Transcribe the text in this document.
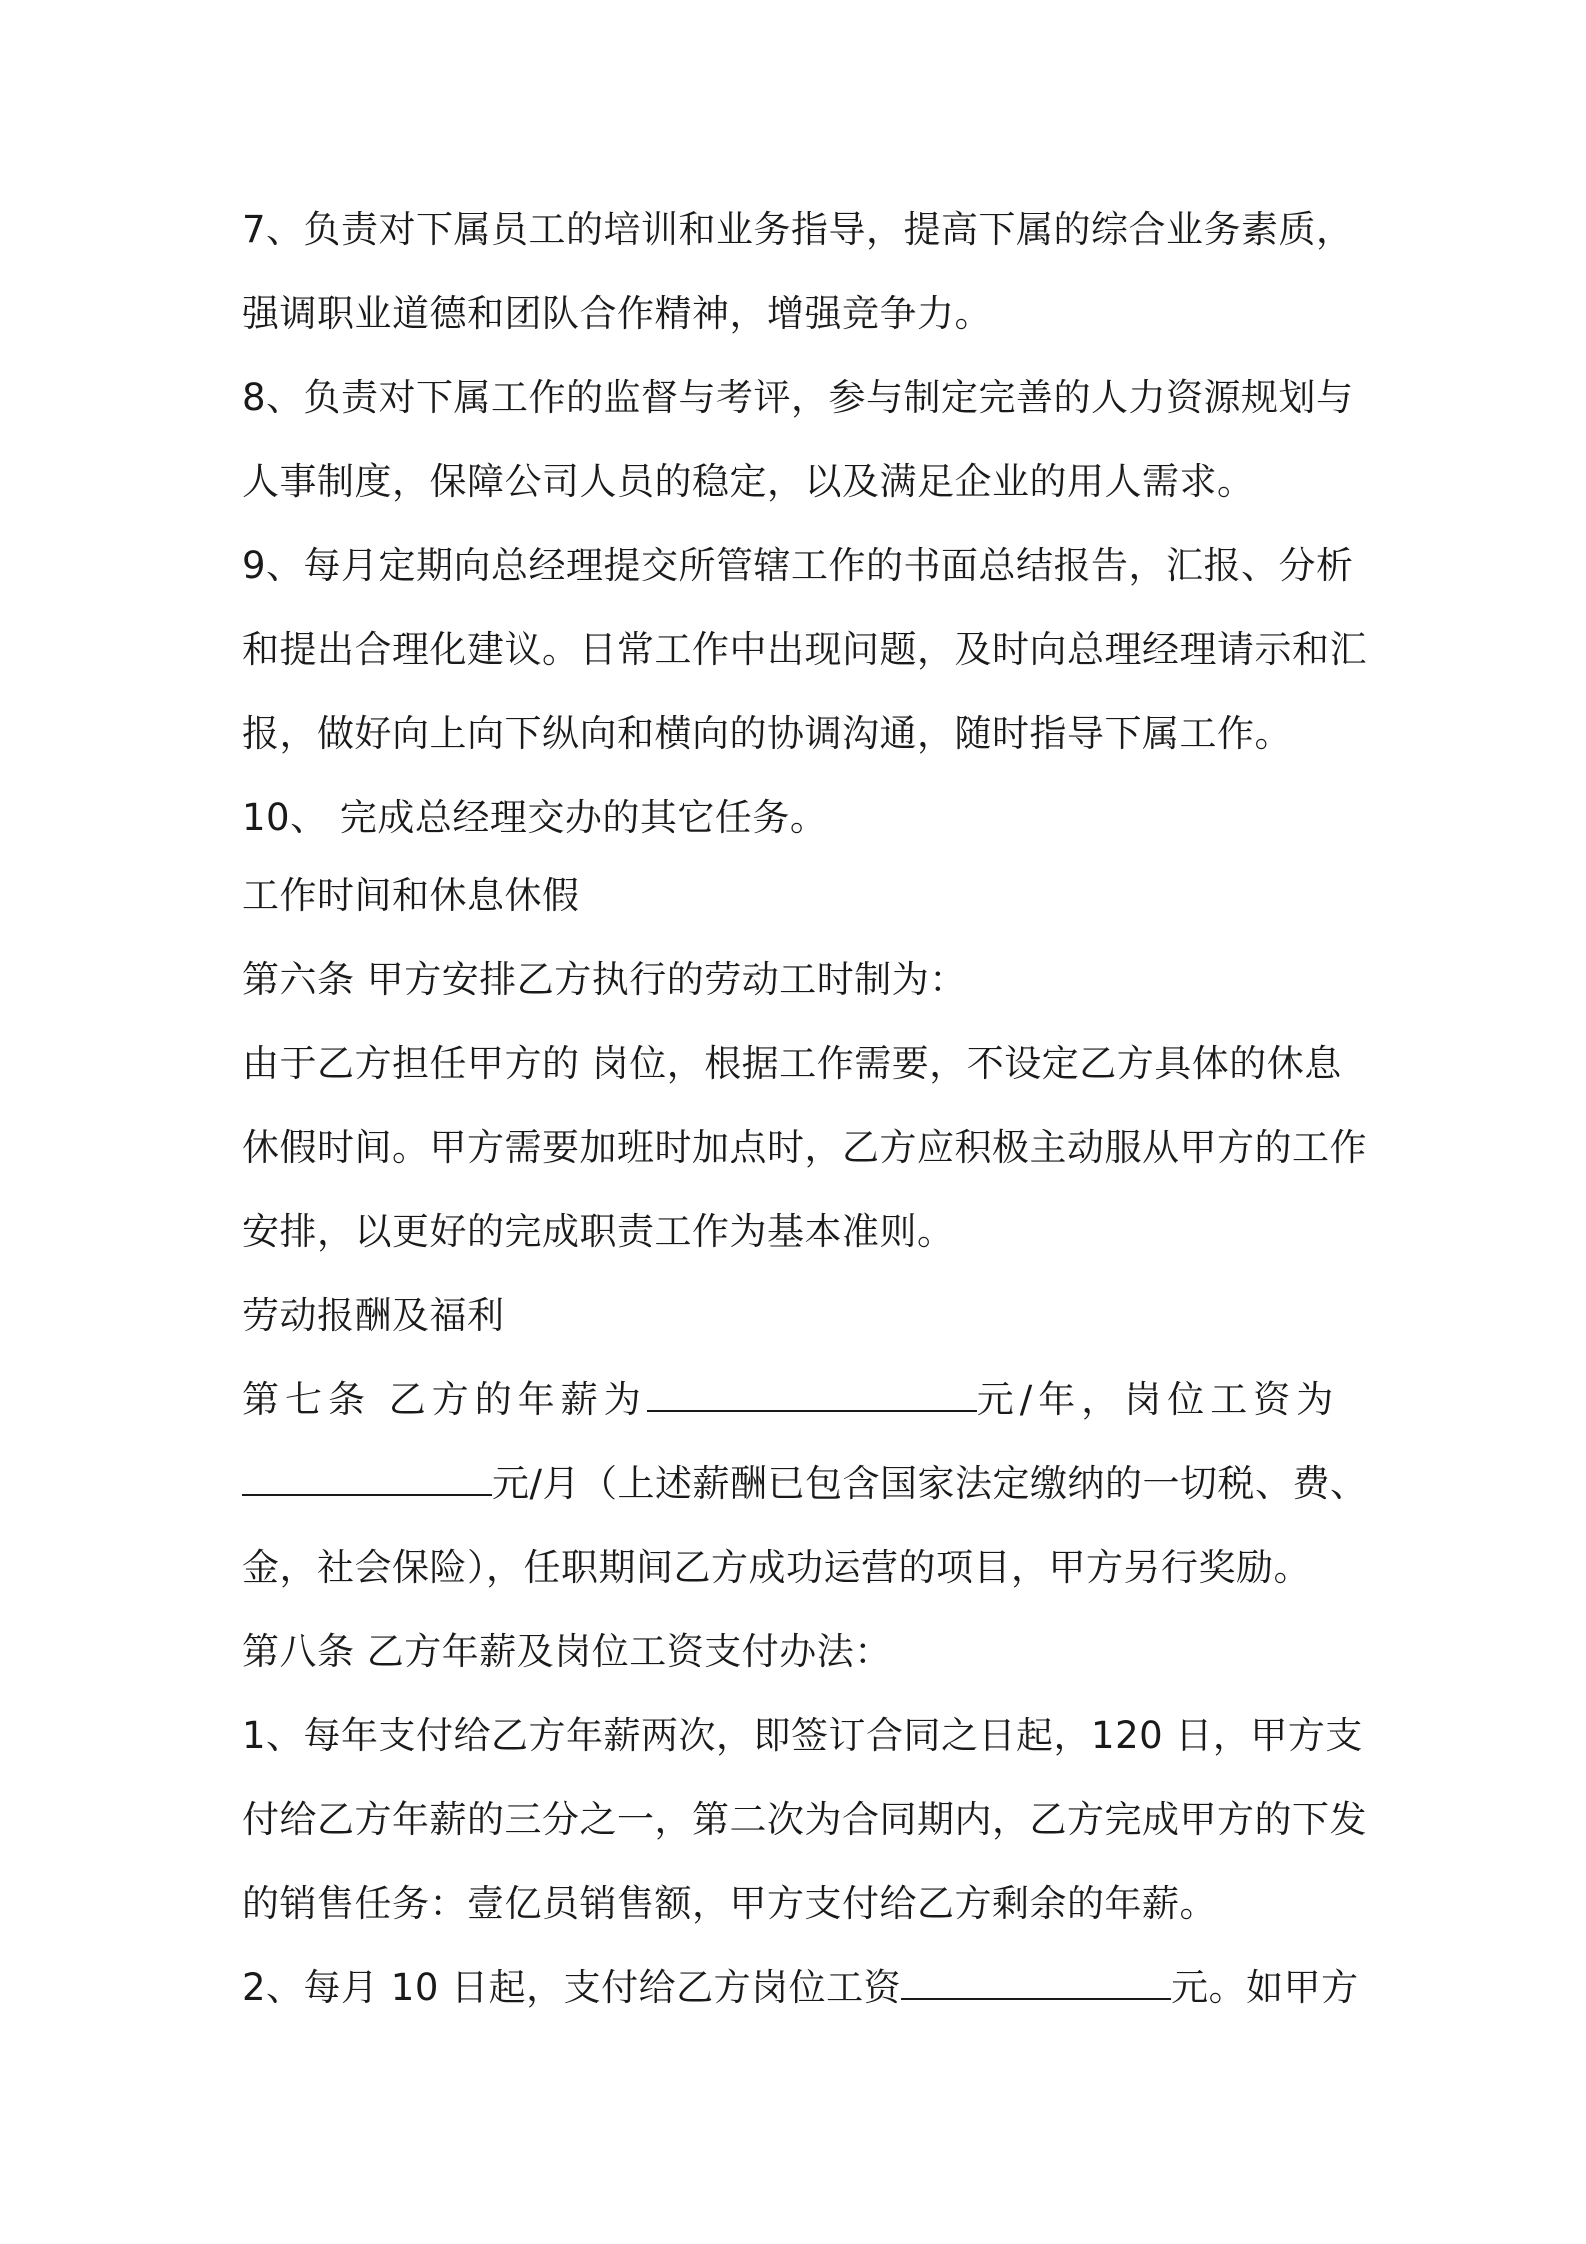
7、负责对下属员工的培训和业务指导，提高下属的综合业务素质，
强调职业道德和团队合作精神，增强竞争力。
8、负责对下属工作的监督与考评，参与制定完善的人力资源规划与
人事制度，保障公司人员的稳定，以及满足企业的用人需求。
9、每月定期向总经理提交所管辖工作的书面总结报告，汇报、分析
和提出合理化建议。日常工作中出现问题，及时向总理经理请示和汇
报，做好向上向下纵向和横向的协调沟通，随时指导下属工作。
10、 完成总经理交办的其它任务。
工作时间和休息休假
第六条 甲方安排乙方执行的劳动工时制为：
由于乙方担任甲方的 岗位，根据工作需要，不设定乙方具体的休息
休假时间。甲方需要加班时加点时，乙方应积极主动服从甲方的工作
安排，以更好的完成职责工作为基本准则。
劳动报酬及福利
第七条 乙方的年薪为	元/年，岗位工资为
元/月（上述薪酬已包含国家法定缴纳的一切税、费、
金，社会保险），任职期间乙方成功运营的项目，甲方另行奖励。
第八条 乙方年薪及岗位工资支付办法：
1、每年支付给乙方年薪两次，即签订合同之日起，120 日，甲方支
付给乙方年薪的三分之一，第二次为合同期内，乙方完成甲方的下发
的销售任务：壹亿员销售额，甲方支付给乙方剩余的年薪。
2、每月 10 日起，支付给乙方岗位工资	元。如甲方
